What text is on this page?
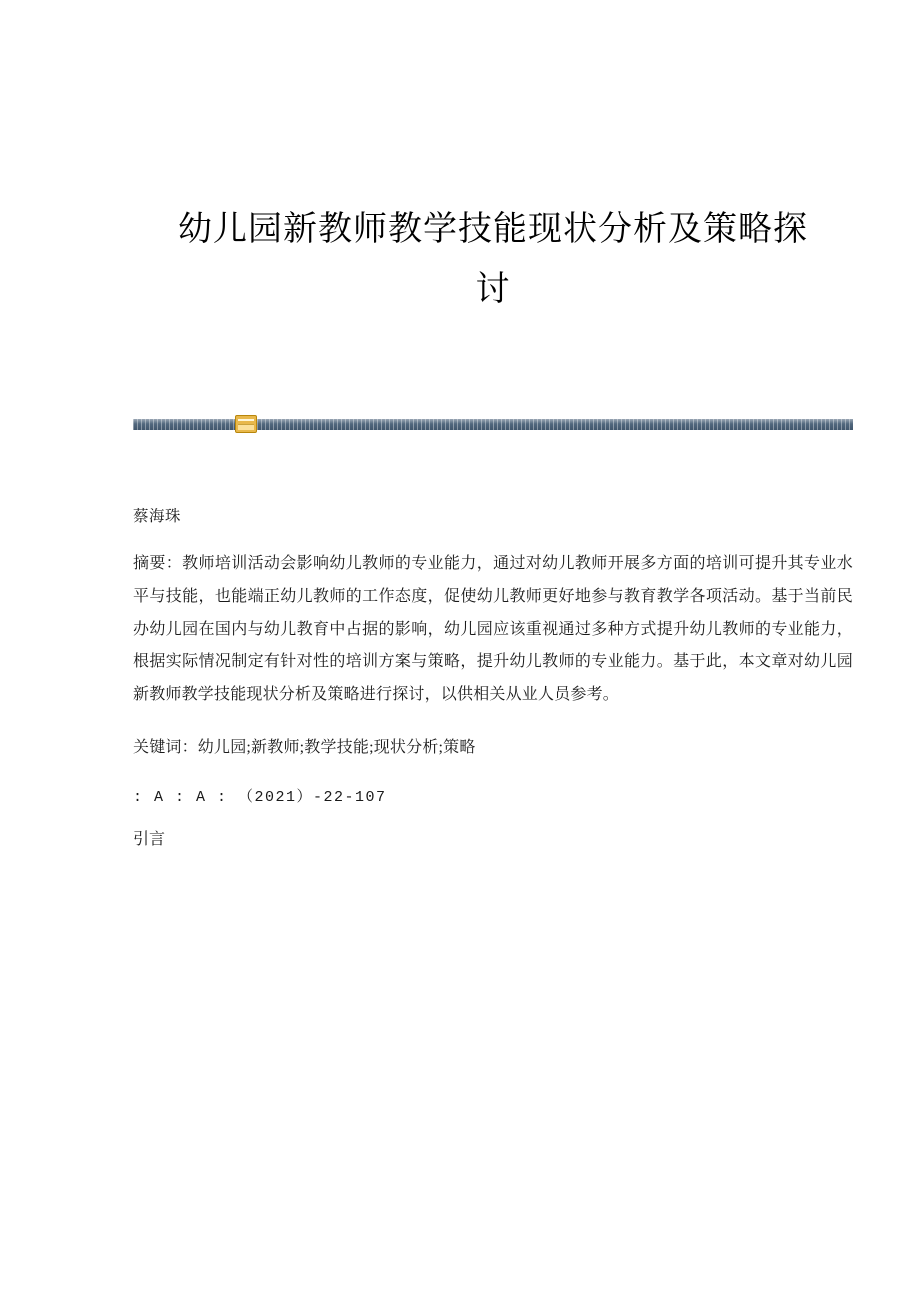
幼儿园新教师教学技能现状分析及策略探讨
蔡海珠

摘要：教师培训活动会影响幼儿教师的专业能力，通过对幼儿教师开展多方面的培训可提升其专业水平与技能，也能端正幼儿教师的工作态度，促使幼儿教师更好地参与教育教学各项活动。基于当前民办幼儿园在国内与幼儿教育中占据的影响，幼儿园应该重视通过多种方式提升幼儿教师的专业能力，根据实际情况制定有针对性的培训方案与策略，提升幼儿教师的专业能力。基于此，本文章对幼儿园新教师教学技能现状分析及策略进行探讨，以供相关从业人员参考。

关键词：幼儿园;新教师;教学技能;现状分析;策略

: A : A : （2021）-22-107

引言
